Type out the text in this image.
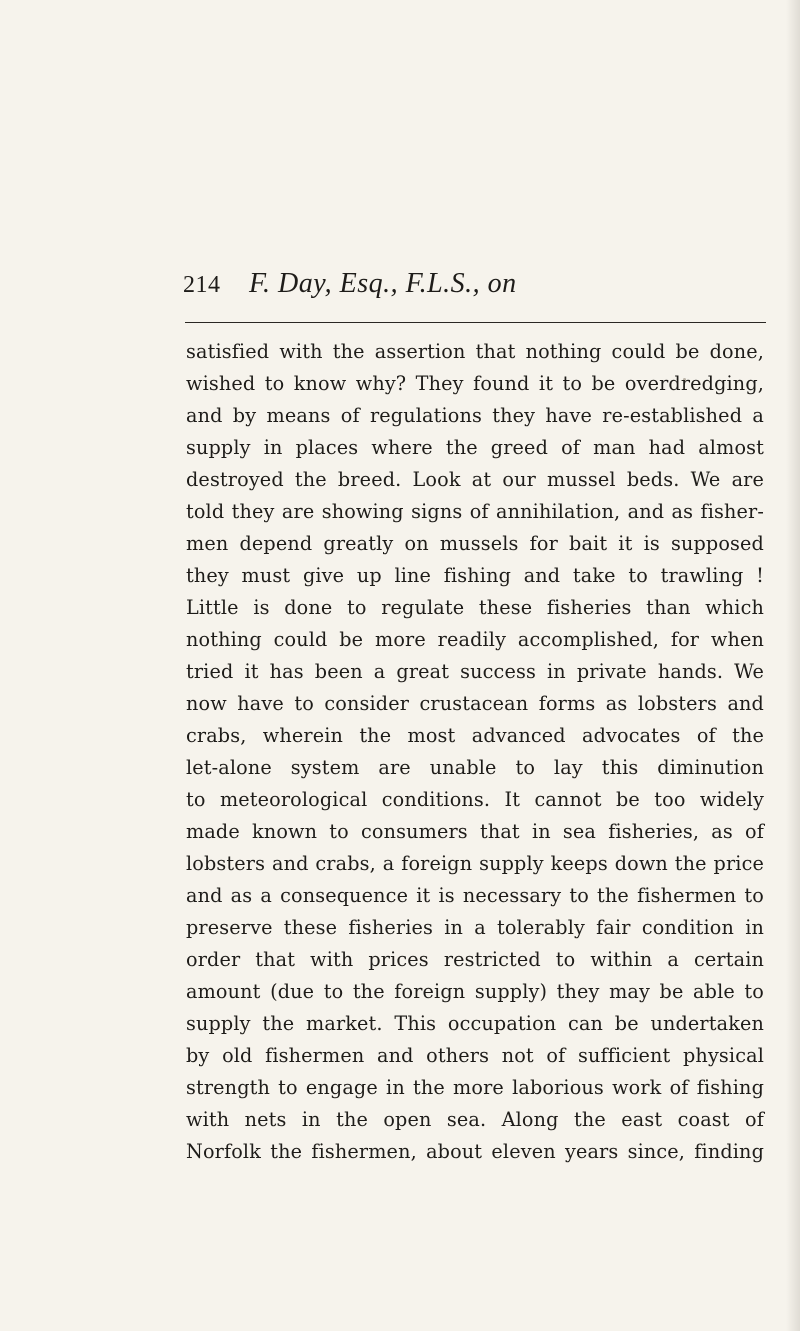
214 F. Day, Esq., F.L.S., on
satisfied with the assertion that nothing could be done,
wished to know why? They found it to be overdredging,
and by means of regulations they have re-established a
supply in places where the greed of man had almost
destroyed the breed. Look at our mussel beds. We are
told they are showing signs of annihilation, and as fisher-
men depend greatly on mussels for bait it is supposed
they must give up line fishing and take to trawling !
Little is done to regulate these fisheries than which
nothing could be more readily accomplished, for when
tried it has been a great success in private hands. We
now have to consider crustacean forms as lobsters and
crabs, wherein the most advanced advocates of the
let-alone system are unable to lay this diminution
to meteorological conditions. It cannot be too widely
made known to consumers that in sea fisheries, as of
lobsters and crabs, a foreign supply keeps down the price
and as a consequence it is necessary to the fishermen to
preserve these fisheries in a tolerably fair condition in
order that with prices restricted to within a certain
amount (due to the foreign supply) they may be able to
supply the market. This occupation can be undertaken
by old fishermen and others not of sufficient physical
strength to engage in the more laborious work of fishing
with nets in the open sea. Along the east coast of
Norfolk the fishermen, about eleven years since, finding
